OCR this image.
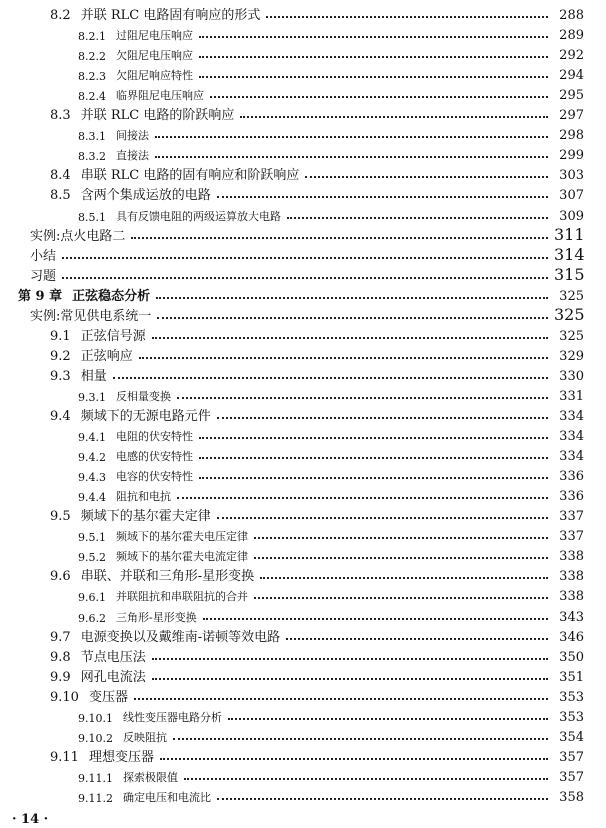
8.2 并联 RLC 电路固有响应的形式	288
8.2.1 过阻尼电压响应	289
8.2.2 欠阻尼电压响应	292
8.2.3 欠阻尼响应特性	294
8.2.4 临界阻尼电压响应	295
8.3 并联 RLC 电路的阶跃响应	297
8.3.1 间接法	298
8.3.2 直接法	299
8.4 串联 RLC 电路的固有响应和阶跃响应	303
8.5 含两个集成运放的电路	307
8.5.1 具有反馈电阻的两级运算放大电路	309
实例:点火电路二	311
小结	314
习题	315
第 9 章 正弦稳态分析	325
实例:常见供电系统一	325
9.1 正弦信号源	325
9.2 正弦响应	329
9.3 相量	330
9.3.1 反相量变换	331
9.4 频域下的无源电路元件	334
9.4.1 电阻的伏安特性	334
9.4.2 电感的伏安特性	334
9.4.3 电容的伏安特性	336
9.4.4 阻抗和电抗	336
9.5 频域下的基尔霍夫定律	337
9.5.1 频域下的基尔霍夫电压定律	337
9.5.2 频域下的基尔霍夫电流定律	338
9.6 串联、并联和三角形-星形变换	338
9.6.1 并联阻抗和串联阻抗的合并	338
9.6.2 三角形-星形变换	343
9.7 电源变换以及戴维南-诺顿等效电路	346
9.8 节点电压法	350
9.9 网孔电流法	351
9.10 变压器	353
9.10.1 线性变压器电路分析	353
9.10.2 反映阻抗	354
9.11 理想变压器	357
9.11.1 探索极限值	357
9.11.2 确定电压和电流比	358
· 14 ·
